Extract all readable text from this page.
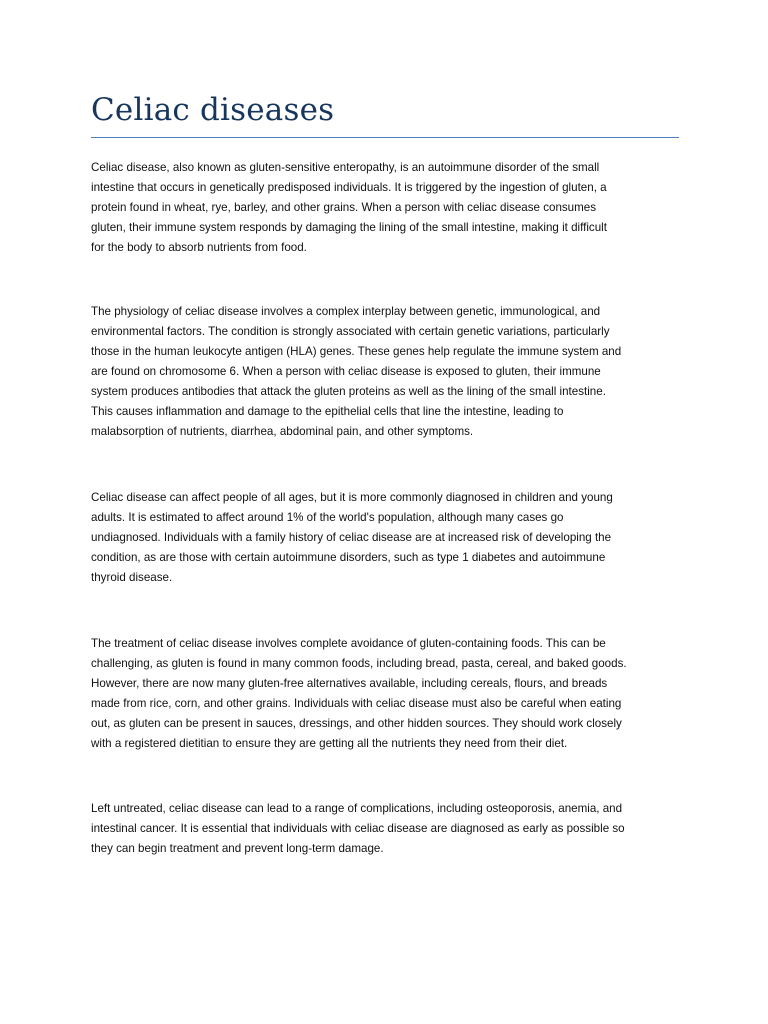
Celiac diseases

Celiac disease, also known as gluten-sensitive enteropathy, is an autoimmune disorder of the small
intestine that occurs in genetically predisposed individuals. It is triggered by the ingestion of gluten, a
protein found in wheat, rye, barley, and other grains. When a person with celiac disease consumes
gluten, their immune system responds by damaging the lining of the small intestine, making it difficult
for the body to absorb nutrients from food.

The physiology of celiac disease involves a complex interplay between genetic, immunological, and
environmental factors. The condition is strongly associated with certain genetic variations, particularly
those in the human leukocyte antigen (HLA) genes. These genes help regulate the immune system and
are found on chromosome 6. When a person with celiac disease is exposed to gluten, their immune
system produces antibodies that attack the gluten proteins as well as the lining of the small intestine.
This causes inflammation and damage to the epithelial cells that line the intestine, leading to
malabsorption of nutrients, diarrhea, abdominal pain, and other symptoms.

Celiac disease can affect people of all ages, but it is more commonly diagnosed in children and young
adults. It is estimated to affect around 1% of the world's population, although many cases go
undiagnosed. Individuals with a family history of celiac disease are at increased risk of developing the
condition, as are those with certain autoimmune disorders, such as type 1 diabetes and autoimmune
thyroid disease.

The treatment of celiac disease involves complete avoidance of gluten-containing foods. This can be
challenging, as gluten is found in many common foods, including bread, pasta, cereal, and baked goods.
However, there are now many gluten-free alternatives available, including cereals, flours, and breads
made from rice, corn, and other grains. Individuals with celiac disease must also be careful when eating
out, as gluten can be present in sauces, dressings, and other hidden sources. They should work closely
with a registered dietitian to ensure they are getting all the nutrients they need from their diet.

Left untreated, celiac disease can lead to a range of complications, including osteoporosis, anemia, and
intestinal cancer. It is essential that individuals with celiac disease are diagnosed as early as possible so
they can begin treatment and prevent long-term damage.
